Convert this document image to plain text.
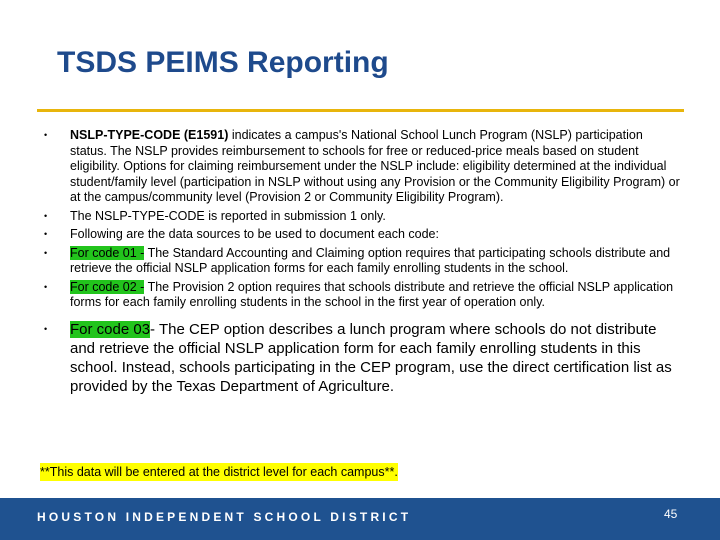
TSDS PEIMS Reporting
• NSLP-TYPE-CODE (E1591) indicates a campus's National School Lunch Program (NSLP) participation status. The NSLP provides reimbursement to schools for free or reduced-price meals based on student eligibility. Options for claiming reimbursement under the NSLP include: eligibility determined at the individual student/family level (participation in NSLP without using any Provision or the Community Eligibility Program) or at the campus/community level (Provision 2 or Community Eligibility Program).
• The NSLP-TYPE-CODE is reported in submission 1 only.
• Following are the data sources to be used to document each code:
• For code 01 - The Standard Accounting and Claiming option requires that participating schools distribute and retrieve the official NSLP application forms for each family enrolling students in the school.
• For code 02 - The Provision 2 option requires that schools distribute and retrieve the official NSLP application forms for each family enrolling students in the school in the first year of operation only.
• For code 03- The CEP option describes a lunch program where schools do not distribute and retrieve the official NSLP application form for each family enrolling students in this school. Instead, schools participating in the CEP program, use the direct certification list as provided by the Texas Department of Agriculture.
**This data will be entered at the district level for each campus**.
HOUSTON INDEPENDENT SCHOOL DISTRICT	45
